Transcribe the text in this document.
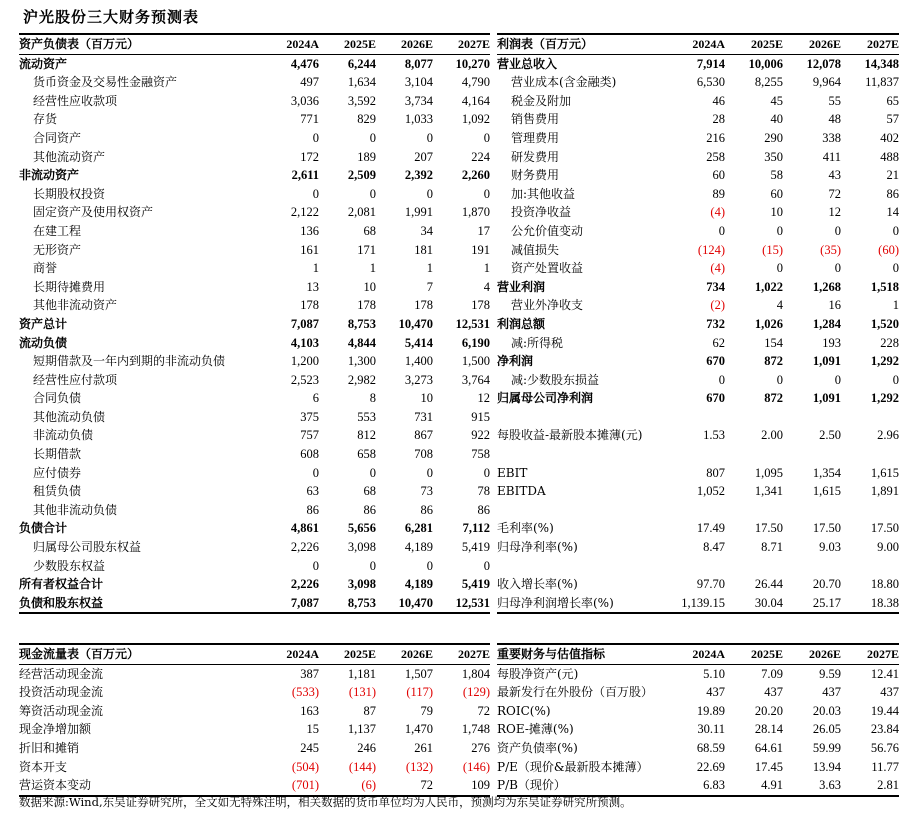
沪光股份三大财务预测表
资产负债表（百万元）	2024A	2025E	2026E	2027E
流动资产	4,476	6,244	8,077	10,270
货币资金及交易性金融资产	497	1,634	3,104	4,790
经营性应收款项	3,036	3,592	3,734	4,164
存货	771	829	1,033	1,092
合同资产	0	0	0	0
其他流动资产	172	189	207	224
非流动资产	2,611	2,509	2,392	2,260
长期股权投资	0	0	0	0
固定资产及使用权资产	2,122	2,081	1,991	1,870
在建工程	136	68	34	17
无形资产	161	171	181	191
商誉	1	1	1	1
长期待摊费用	13	10	7	4
其他非流动资产	178	178	178	178
资产总计	7,087	8,753	10,470	12,531
流动负债	4,103	4,844	5,414	6,190
短期借款及一年内到期的非流动负债	1,200	1,300	1,400	1,500
经营性应付款项	2,523	2,982	3,273	3,764
合同负债	6	8	10	12
其他流动负债	375	553	731	915
非流动负债	757	812	867	922
长期借款	608	658	708	758
应付债券	0	0	0	0
租赁负债	63	68	73	78
其他非流动负债	86	86	86	86
负债合计	4,861	5,656	6,281	7,112
归属母公司股东权益	2,226	3,098	4,189	5,419
少数股东权益	0	0	0	0
所有者权益合计	2,226	3,098	4,189	5,419
负债和股东权益	7,087	8,753	10,470	12,531
利润表（百万元）	2024A	2025E	2026E	2027E
营业总收入	7,914	10,006	12,078	14,348
营业成本(含金融类)	6,530	8,255	9,964	11,837
税金及附加	46	45	55	65
销售费用	28	40	48	57
管理费用	216	290	338	402
研发费用	258	350	411	488
财务费用	60	58	43	21
加:其他收益	89	60	72	86
投资净收益	(4)	10	12	14
公允价值变动	0	0	0	0
减值损失	(124)	(15)	(35)	(60)
资产处置收益	(4)	0	0	0
营业利润	734	1,022	1,268	1,518
营业外净收支	(2)	4	16	1
利润总额	732	1,026	1,284	1,520
减:所得税	62	154	193	228
净利润	670	872	1,091	1,292
减:少数股东损益	0	0	0	0
归属母公司净利润	670	872	1,091	1,292

每股收益-最新股本摊薄(元)	1.53	2.00	2.50	2.96

EBIT	807	1,095	1,354	1,615
EBITDA	1,052	1,341	1,615	1,891

毛利率(%)	17.49	17.50	17.50	17.50
归母净利率(%)	8.47	8.71	9.03	9.00

收入增长率(%)	97.70	26.44	20.70	18.80
归母净利润增长率(%)	1,139.15	30.04	25.17	18.38
现金流量表（百万元）	2024A	2025E	2026E	2027E
经营活动现金流	387	1,181	1,507	1,804
投资活动现金流	(533)	(131)	(117)	(129)
筹资活动现金流	163	87	79	72
现金净增加额	15	1,137	1,470	1,748
折旧和摊销	245	246	261	276
资本开支	(504)	(144)	(132)	(146)
营运资本变动	(701)	(6)	72	109
重要财务与估值指标	2024A	2025E	2026E	2027E
每股净资产(元)	5.10	7.09	9.59	12.41
最新发行在外股份（百万股）	437	437	437	437
ROIC(%)	19.89	20.20	20.03	19.44
ROE-摊薄(%)	30.11	28.14	26.05	23.84
资产负债率(%)	68.59	64.61	59.99	56.76
P/E（现价&最新股本摊薄）	22.69	17.45	13.94	11.77
P/B（现价）	6.83	4.91	3.63	2.81
数据来源:Wind,东吴证券研究所，全文如无特殊注明，相关数据的货币单位均为人民币，预测均为东吴证券研究所预测。
